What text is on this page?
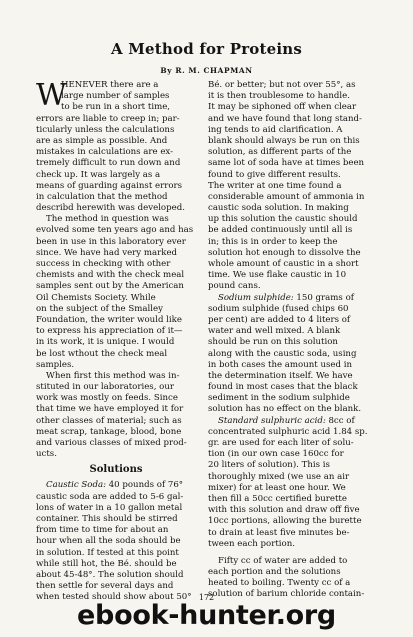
A Method for Proteins
By R. M. CHAPMAN
W
HENEVER there are a
large number of samples
to be run in a short time,
errors are liable to creep in; par-
ticularly unless the calculations
are as simple as possible. And
mistakes in calculations are ex-
tremely difficult to run down and
check up. It was largely as a
means of guarding against errors
in calculation that the method
describd herewith was developed.
The method in question was
evolved some ten years ago and has
been in use in this laboratory ever
since. We have had very marked
success in checking with other
chemists and with the check meal
samples sent out by the American
Oil Chemists Society. While
on the subject of the Smalley
Foundation, the writer would like
to express his appreciation of it—
in its work, it is unique. I would
be lost wthout the check meal
samples.
When first this method was in-
stituted in our laboratories, our
work was mostly on feeds. Since
that time we have employed it for
other classes of material; such as
meat scrap, tankage, blood, bone
and various classes of mixed prod-
ucts.
Solutions
Caustic Soda: 40 pounds of 76°
caustic soda are added to 5-6 gal-
lons of water in a 10 gallon metal
container. This should be stirred
from time to time for about an
hour when all the soda should be
in solution. If tested at this point
while still hot, the Bé. should be
about 45-48°. The solution should
then settle for several days and
when tested should show about 50°
Bé. or better; but not over 55°, as
it is then troublesome to handle.
It may be siphoned off when clear
and we have found that long stand-
ing tends to aid clarification. A
blank should always be run on this
solution, as different parts of the
same lot of soda have at times been
found to give different results.
The writer at one time found a
considerable amount of ammonia in
caustic soda solution. In making
up this solution the caustic should
be added continuously until all is
in; this is in order to keep the
solution hot enough to dissolve the
whole amount of caustic in a short
time. We use flake caustic in 10
pound cans.
Sodium sulphide: 150 grams of
sodium sulphide (fused chips 60
per cent) are added to 4 liters of
water and well mixed. A blank
should be run on this solution
along with the caustic soda, using
in both cases the amount used in
the determination itself. We have
found in most cases that the black
sediment in the sodium sulphide
solution has no effect on the blank.
Standard sulphuric acid: 8cc of
concentrated sulphuric acid 1.84 sp.
gr. are used for each liter of solu-
tion (in our own case 160cc for
20 liters of solution). This is
thoroughly mixed (we use an air
mixer) for at least one hour. We
then fill a 50cc certified burette
with this solution and draw off five
10cc portions, allowing the burette
to drain at least five minutes be-
tween each portion.
Fifty cc of water are added to
each portion and the solutions
heated to boiling. Twenty cc of a
solution of barium chloride contain-
172
ebook-hunter.org
